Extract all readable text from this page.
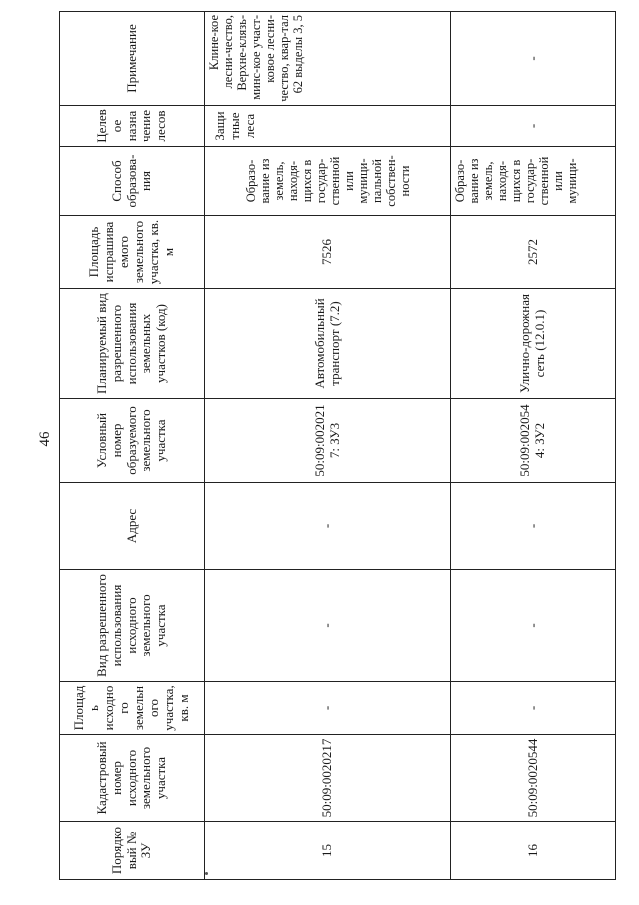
46
Порядковый № ЗУ	Кадастровый номер исходного земельного участка	Площадь исходного земельного участка, кв. м	Вид разрешенного использования исходного земельного участка	Адрес	Условный номер образуемого земельного участка	Планируемый вид разрешенного использования земельных участков (код)	Площадь испрашиваемого земельного участка, кв. м	Способ образова-ния	Целевое назначение лесов	Примечание
15	50:09:0020217	-	-	-	50:09:0020217: ЗУ3	Автомобильный транспорт (7.2)	7526	Образо-вание из земель, находя-щихся в государ-ственной или муници-пальной собствен-ности	Защитные леса	Клине-кое лесни-чество, Верхне-клязь-минс-кое участ-ковое лесни-чество, квар-тал 62 выделы 3, 5
16	50:09:0020544	-	-	-	50:09:0020544: ЗУ2	Улично-дорожная сеть (12.0.1)	2572	Образо-вание из земель, находя-щихся в государ-ственной или муници-	-	-
